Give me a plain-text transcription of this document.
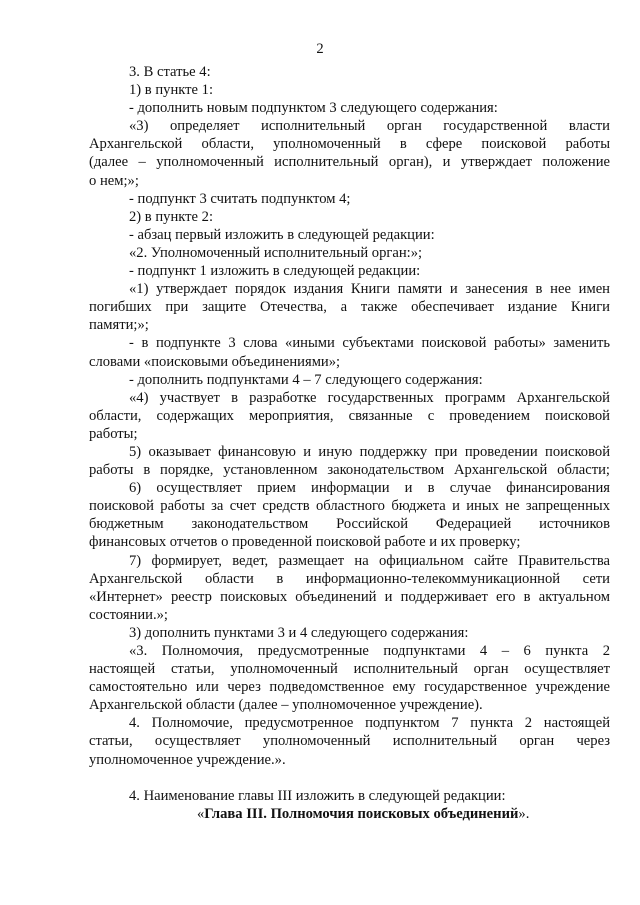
2
3. В статье 4:
1) в пункте 1:
- дополнить новым подпунктом 3 следующего содержания:
«3) определяет исполнительный орган государственной власти
Архангельской области, уполномоченный в сфере поисковой работы
(далее – уполномоченный исполнительный орган), и утверждает положение
о нем;»;
- подпункт 3 считать подпунктом 4;
2) в пункте 2:
- абзац первый изложить в следующей редакции:
«2. Уполномоченный исполнительный орган:»;
- подпункт 1 изложить в следующей редакции:
«1) утверждает порядок издания Книги памяти и занесения в нее имен
погибших при защите Отечества, а также обеспечивает издание Книги
памяти;»;
- в подпункте 3 слова «иными субъектами поисковой работы» заменить
словами «поисковыми объединениями»;
- дополнить подпунктами 4 – 7 следующего содержания:
«4) участвует в разработке государственных программ Архангельской
области, содержащих мероприятия, связанные с проведением поисковой
работы;
5) оказывает финансовую и иную поддержку при проведении поисковой
работы в порядке, установленном законодательством Архангельской области;
6) осуществляет прием информации и в случае финансирования
поисковой работы за счет средств областного бюджета и иных не запрещенных
бюджетным законодательством Российской Федерацией источников
финансовых отчетов о проведенной поисковой работе и их проверку;
7) формирует, ведет, размещает на официальном сайте Правительства
Архангельской области в информационно-телекоммуникационной сети
«Интернет» реестр поисковых объединений и поддерживает его в актуальном
состоянии.»;
3) дополнить пунктами 3 и 4 следующего содержания:
«3. Полномочия, предусмотренные подпунктами 4 – 6 пункта 2
настоящей статьи, уполномоченный исполнительный орган осуществляет
самостоятельно или через подведомственное ему государственное учреждение
Архангельской области (далее – уполномоченное учреждение).
4. Полномочие, предусмотренное подпунктом 7 пункта 2 настоящей
статьи, осуществляет уполномоченный исполнительный орган через
уполномоченное учреждение.».
4. Наименование главы III изложить в следующей редакции:
«Глава III. Полномочия поисковых объединений».
